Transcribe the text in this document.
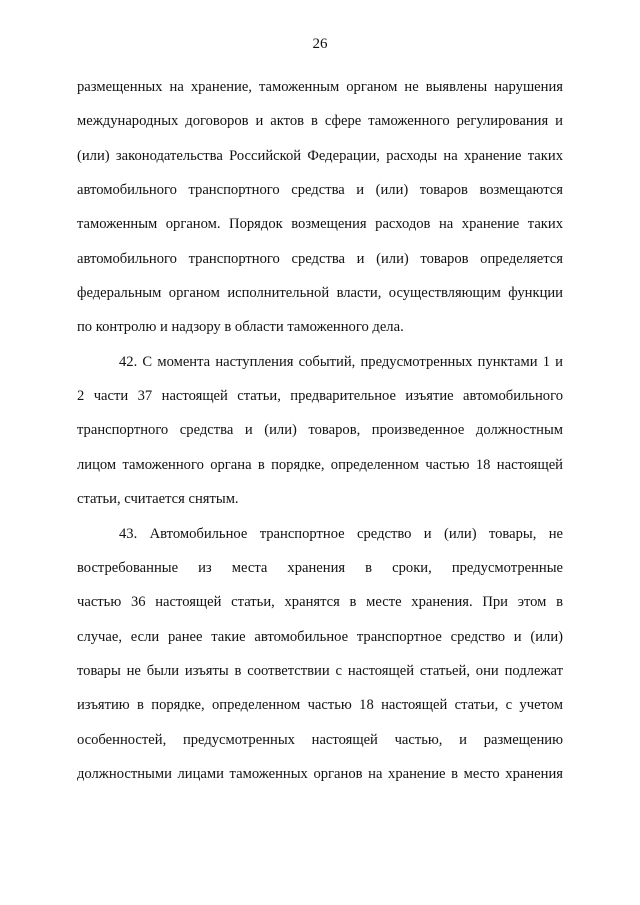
26
размещенных на хранение, таможенным органом не выявлены нарушения
международных договоров и актов в сфере таможенного регулирования и
(или) законодательства Российской Федерации, расходы на хранение таких
автомобильного транспортного средства и (или) товаров возмещаются
таможенным органом. Порядок возмещения расходов на хранение таких
автомобильного транспортного средства и (или) товаров определяется
федеральным органом исполнительной власти, осуществляющим функции
по контролю и надзору в области таможенного дела.
42. С момента наступления событий, предусмотренных пунктами 1 и
2 части 37 настоящей статьи, предварительное изъятие автомобильного
транспортного средства и (или) товаров, произведенное должностным
лицом таможенного органа в порядке, определенном частью 18 настоящей
статьи, считается снятым.
43. Автомобильное транспортное средство и (или) товары, не
востребованные из места хранения в сроки, предусмотренные
частью 36 настоящей статьи, хранятся в месте хранения. При этом в
случае, если ранее такие автомобильное транспортное средство и (или)
товары не были изъяты в соответствии с настоящей статьей, они подлежат
изъятию в порядке, определенном частью 18 настоящей статьи, с учетом
особенностей, предусмотренных настоящей частью, и размещению
должностными лицами таможенных органов на хранение в место хранения
